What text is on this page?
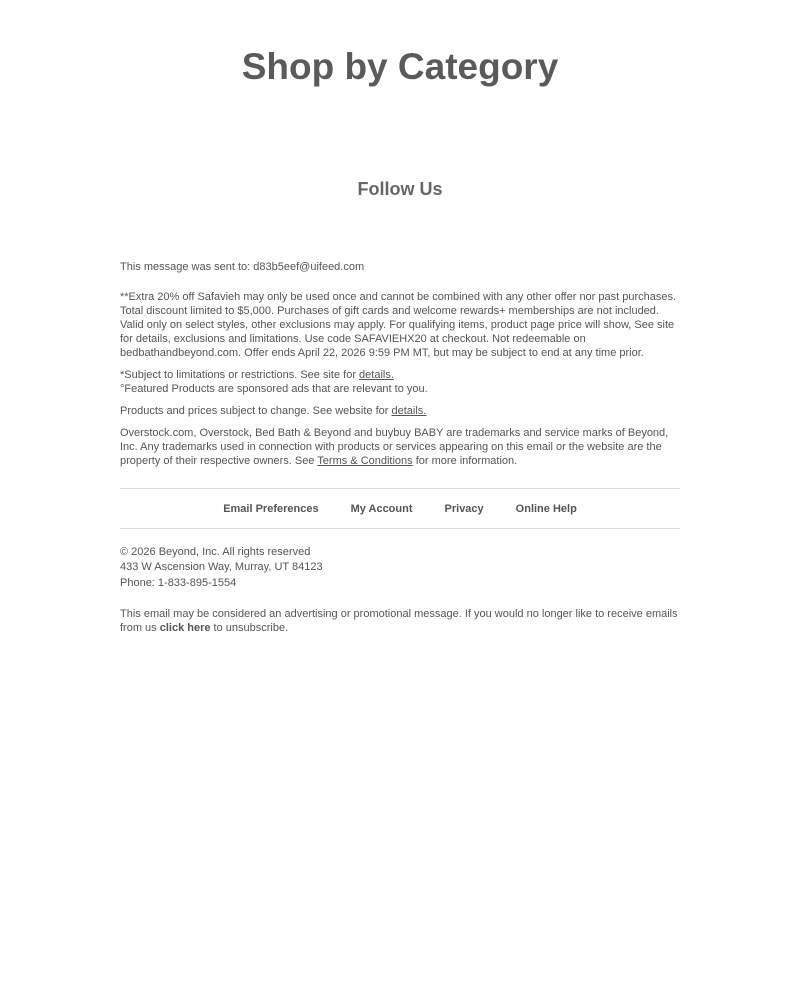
Shop by Category
Follow Us

This message was sent to: d83b5eef@uifeed.com

**Extra 20% off Safavieh may only be used once and cannot be combined with any other offer nor past purchases. Total discount limited to $5,000. Purchases of gift cards and welcome rewards+ memberships are not included. Valid only on select styles, other exclusions may apply. For qualifying items, product page price will show, See site for details, exclusions and limitations. Use code SAFAVIEHX20 at checkout. Not redeemable on bedbathandbeyond.com. Offer ends April 22, 2026 9:59 PM MT, but may be subject to end at any time prior.

*Subject to limitations or restrictions. See site for details.

°Featured Products are sponsored ads that are relevant to you.

Products and prices subject to change. See website for details.

Overstock.com, Overstock, Bed Bath & Beyond and buybuy BABY are trademarks and service marks of Beyond, Inc. Any trademarks used in connection with products or services appearing on this email or the website are the property of their respective owners. See Terms & Conditions for more information.

Email Preferences	My Account	Privacy	Online Help

© 2026 Beyond, Inc. All rights reserved

433 W Ascension Way, Murray, UT 84123

Phone: 1-833-895-1554

This email may be considered an advertising or promotional message. If you would no longer like to receive emails from us click here to unsubscribe.
